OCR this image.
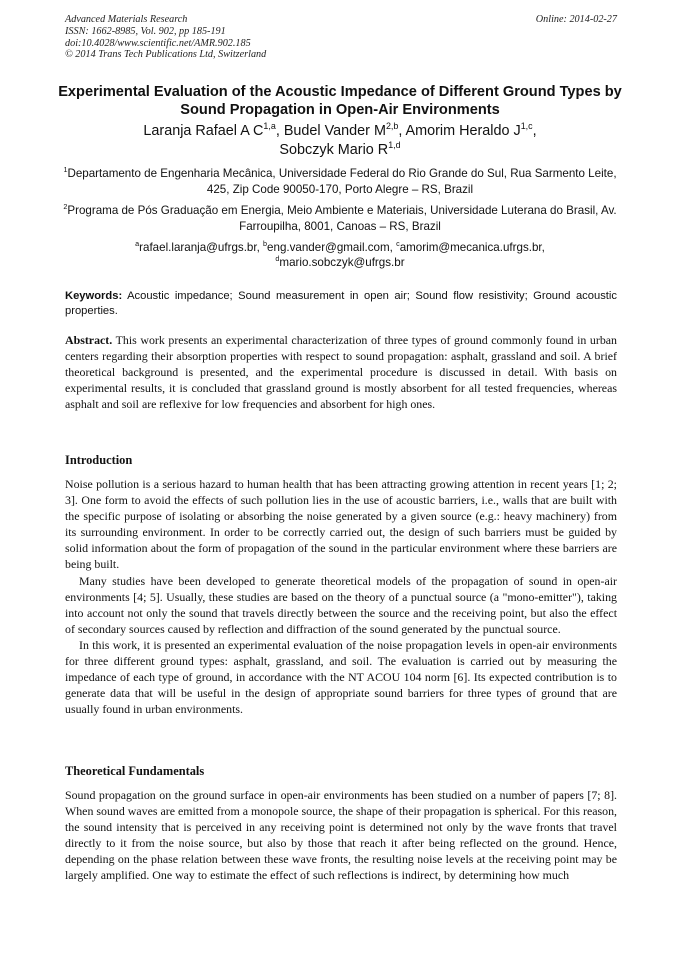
Advanced Materials Research
ISSN: 1662-8985, Vol. 902, pp 185-191
doi:10.4028/www.scientific.net/AMR.902.185
© 2014 Trans Tech Publications Ltd, Switzerland
Online: 2014-02-27
Experimental Evaluation of the Acoustic Impedance of Different Ground Types by Sound Propagation in Open-Air Environments
Laranja Rafael A C$^{1,a}$, Budel Vander M$^{2,b}$, Amorim Heraldo J$^{1,c}$,
Sobczyk Mario R$^{1,d}$
$^1$Departamento de Engenharia Mecânica, Universidade Federal do Rio Grande do Sul, Rua Sarmento Leite, 425, Zip Code 90050-170, Porto Alegre – RS, Brazil
$^2$Programa de Pós Graduação em Energia, Meio Ambiente e Materiais, Universidade Luterana do Brasil, Av. Farroupilha, 8001, Canoas – RS, Brazil
$^a$rafael.laranja@ufrgs.br, $^b$eng.vander@gmail.com, $^c$amorim@mecanica.ufrgs.br,
$^d$mario.sobczyk@ufrgs.br
Keywords: Acoustic impedance; Sound measurement in open air; Sound flow resistivity; Ground acoustic properties.

Abstract. This work presents an experimental characterization of three types of ground commonly found in urban centers regarding their absorption properties with respect to sound propagation: asphalt, grassland and soil. A brief theoretical background is presented, and the experimental procedure is discussed in detail. With basis on experimental results, it is concluded that grassland ground is mostly absorbent for all tested frequencies, whereas asphalt and soil are reflexive for low frequencies and absorbent for high ones.

Introduction

Noise pollution is a serious hazard to human health that has been attracting growing attention in recent years [1; 2; 3]. One form to avoid the effects of such pollution lies in the use of acoustic barriers, i.e., walls that are built with the specific purpose of isolating or absorbing the noise generated by a given source (e.g.: heavy machinery) from its surrounding environment. In order to be correctly carried out, the design of such barriers must be guided by solid information about the form of propagation of the sound in the particular environment where these barriers are being built.

Many studies have been developed to generate theoretical models of the propagation of sound in open-air environments [4; 5]. Usually, these studies are based on the theory of a punctual source (a "mono-emitter"), taking into account not only the sound that travels directly between the source and the receiving point, but also the effect of secondary sources caused by reflection and diffraction of the sound generated by the punctual source.

In this work, it is presented an experimental evaluation of the noise propagation levels in open-air environments for three different ground types: asphalt, grassland, and soil. The evaluation is carried out by measuring the impedance of each type of ground, in accordance with the NT ACOU 104 norm [6]. Its expected contribution is to generate data that will be useful in the design of appropriate sound barriers for three types of ground that are usually found in urban environments.

Theoretical Fundamentals

Sound propagation on the ground surface in open-air environments has been studied on a number of papers [7; 8]. When sound waves are emitted from a monopole source, the shape of their propagation is spherical. For this reason, the sound intensity that is perceived in any receiving point is determined not only by the wave fronts that travel directly to it from the noise source, but also by those that reach it after being reflected on the ground. Hence, depending on the phase relation between these wave fronts, the resulting noise levels at the receiving point may be largely amplified. One way to estimate the effect of such reflections is indirect, by determining how much
